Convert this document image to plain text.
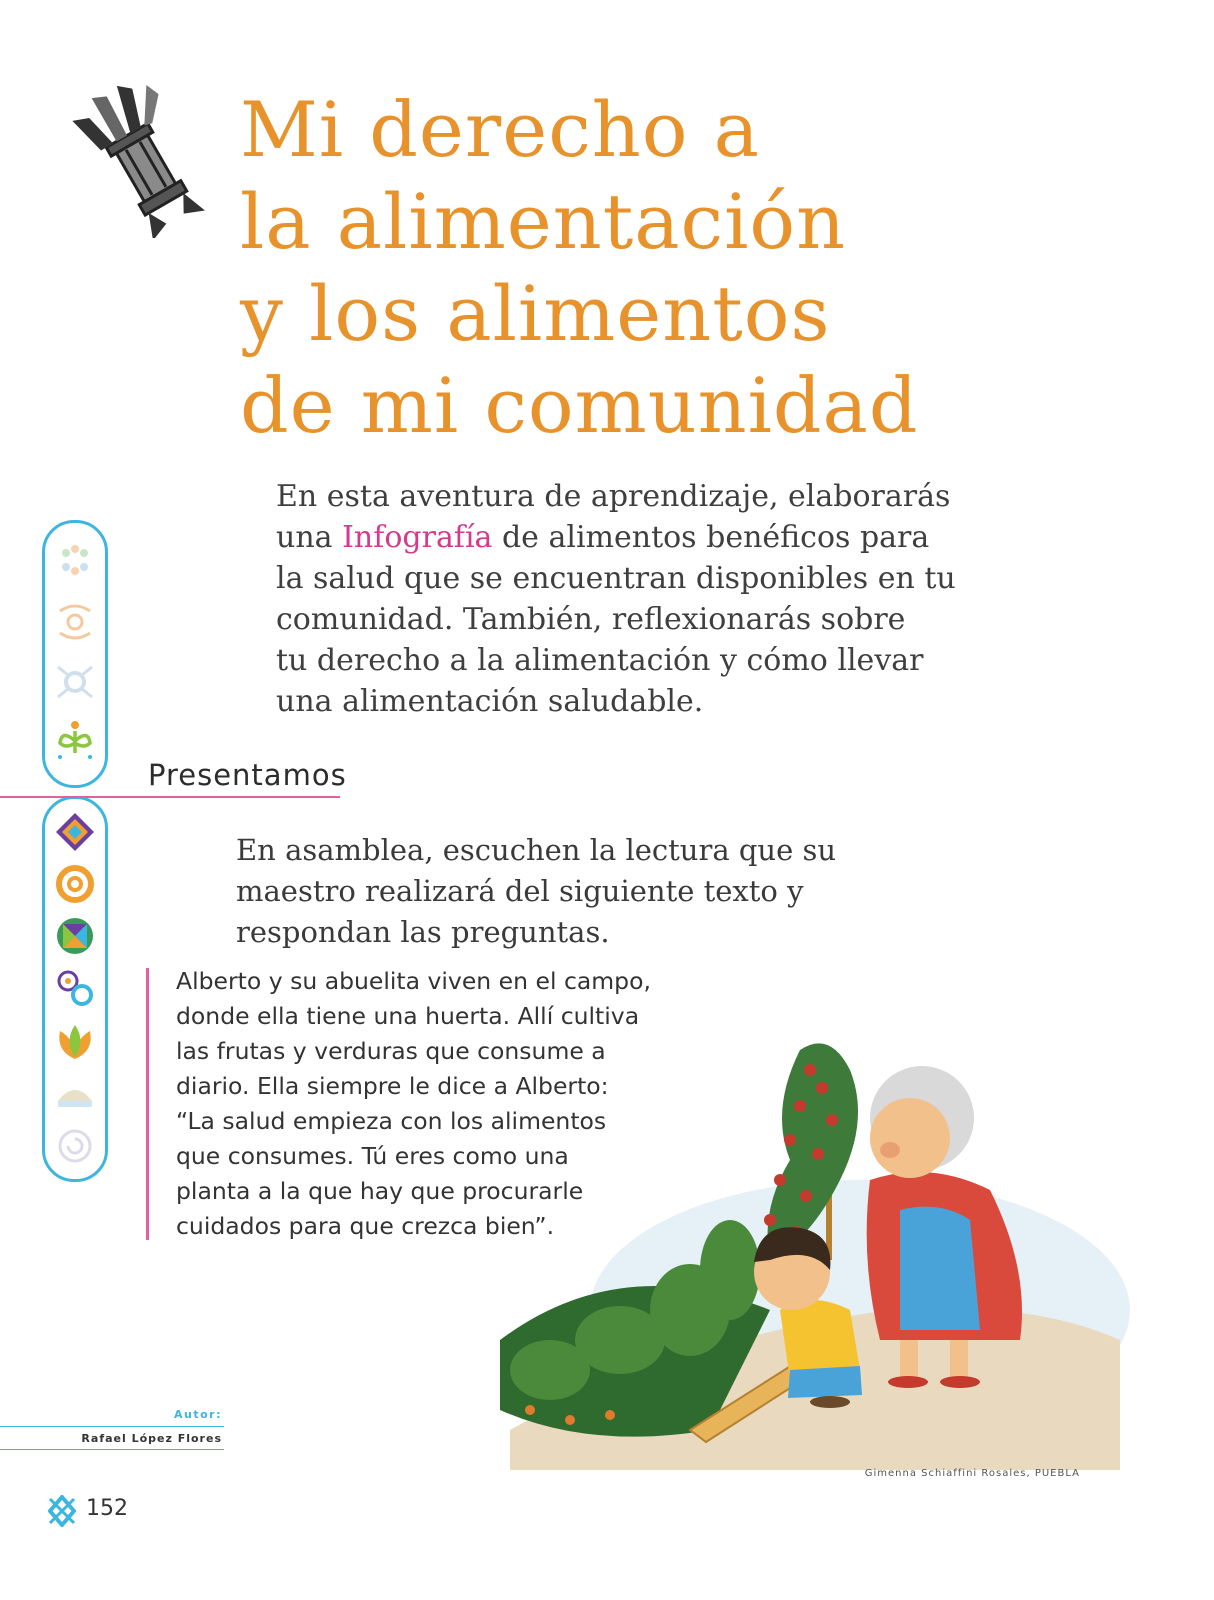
Mi derecho a
la alimentación
y los alimentos
de mi comunidad
En esta aventura de aprendizaje, elaborarás
una Infografía de alimentos benéficos para
la salud que se encuentran disponibles en tu
comunidad. También, reflexionarás sobre
tu derecho a la alimentación y cómo llevar
una alimentación saludable.
Presentamos
En asamblea, escuchen la lectura que su
maestro realizará del siguiente texto y
respondan las preguntas.
Alberto y su abuelita viven en el campo,
donde ella tiene una huerta. Allí cultiva
las frutas y verduras que consume a
diario. Ella siempre le dice a Alberto:
“La salud empieza con los alimentos
que consumes. Tú eres como una
planta a la que hay que procurarle
cuidados para que crezca bien”.
Autor:
Rafael López Flores
Gimenna Schiaffini Rosales, PUEBLA
152
